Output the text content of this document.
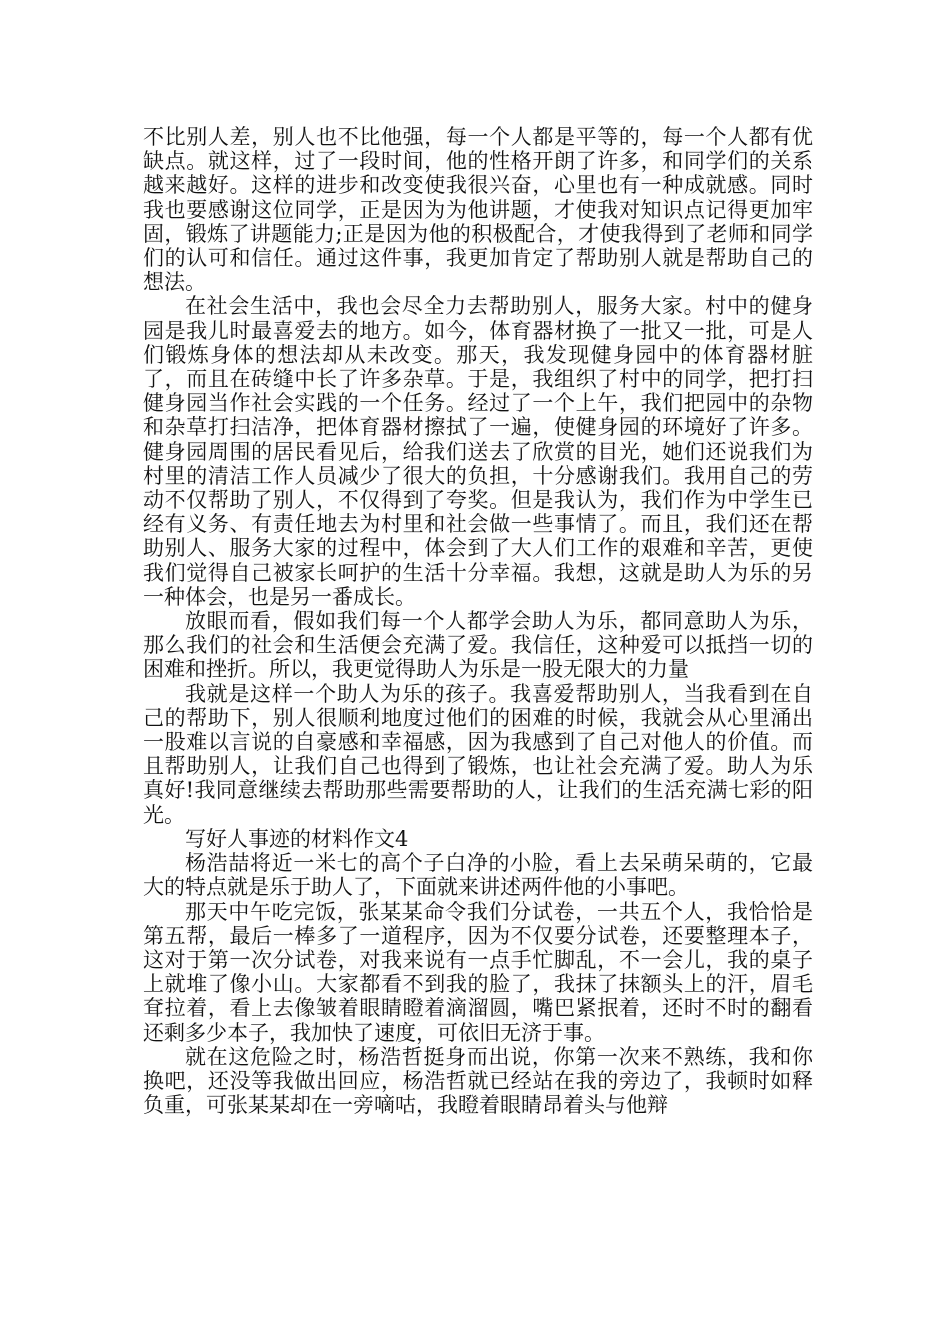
不比别人差，别人也不比他强，每一个人都是平等的，每一个人都有优缺点。就这样，过了一段时间，他的性格开朗了许多，和同学们的关系越来越好。这样的进步和改变使我很兴奋，心里也有一种成就感。同时我也要感谢这位同学，正是因为为他讲题，才使我对知识点记得更加牢固，锻炼了讲题能力;正是因为他的积极配合，才使我得到了老师和同学们的认可和信任。通过这件事，我更加肯定了帮助别人就是帮助自己的想法。

在社会生活中，我也会尽全力去帮助别人，服务大家。村中的健身园是我儿时最喜爱去的地方。如今，体育器材换了一批又一批，可是人们锻炼身体的想法却从未改变。那天，我发现健身园中的体育器材脏了，而且在砖缝中长了许多杂草。于是，我组织了村中的同学，把打扫健身园当作社会实践的一个任务。经过了一个上午，我们把园中的杂物和杂草打扫洁净，把体育器材擦拭了一遍，使健身园的环境好了许多。健身园周围的居民看见后，给我们送去了欣赏的目光，她们还说我们为村里的清洁工作人员减少了很大的负担，十分感谢我们。我用自己的劳动不仅帮助了别人，不仅得到了夸奖。但是我认为，我们作为中学生已经有义务、有责任地去为村里和社会做一些事情了。而且，我们还在帮助别人、服务大家的过程中，体会到了大人们工作的艰难和辛苦，更使我们觉得自己被家长呵护的生活十分幸福。我想，这就是助人为乐的另一种体会，也是另一番成长。

放眼而看，假如我们每一个人都学会助人为乐，都同意助人为乐，那么我们的社会和生活便会充满了爱。我信任，这种爱可以抵挡一切的困难和挫折。所以，我更觉得助人为乐是一股无限大的力量

我就是这样一个助人为乐的孩子。我喜爱帮助别人，当我看到在自己的帮助下，别人很顺利地度过他们的困难的时候，我就会从心里涌出一股难以言说的自豪感和幸福感，因为我感到了自己对他人的价值。而且帮助别人，让我们自己也得到了锻炼，也让社会充满了爱。助人为乐真好!我同意继续去帮助那些需要帮助的人，让我们的生活充满七彩的阳光。

写好人事迹的材料作文4

杨浩喆将近一米七的高个子白净的小脸，看上去呆萌呆萌的，它最大的特点就是乐于助人了，下面就来讲述两件他的小事吧。

那天中午吃完饭，张某某命令我们分试卷，一共五个人，我恰恰是第五帮，最后一棒多了一道程序，因为不仅要分试卷，还要整理本子，这对于第一次分试卷，对我来说有一点手忙脚乱，不一会儿，我的桌子上就堆了像小山。大家都看不到我的脸了，我抹了抹额头上的汗，眉毛耷拉着，看上去像皱着眼睛瞪着滴溜圆，嘴巴紧抿着，还时不时的翻看还剩多少本子，我加快了速度，可依旧无济于事。

就在这危险之时，杨浩哲挺身而出说，你第一次来不熟练，我和你换吧，还没等我做出回应，杨浩哲就已经站在我的旁边了，我顿时如释负重，可张某某却在一旁嘀咕，我瞪着眼睛昂着头与他辩
